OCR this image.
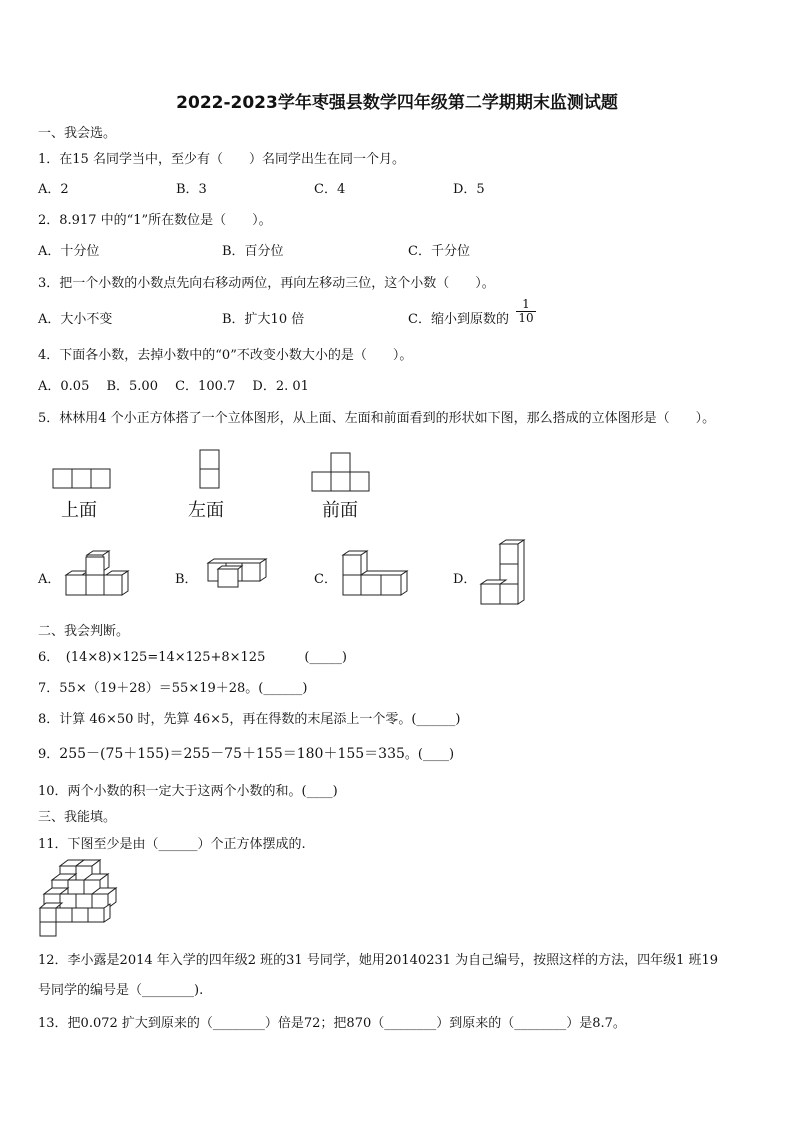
2022-2023学年枣强县数学四年级第二学期期末监测试题
一、我会选。
1．在15 名同学当中，至少有（　　）名同学出生在同一个月。
A．2	B．3	C．4	D．5
2．8.917 中的“1”所在数位是（　　）。
A．十分位	B．百分位	C．千分位
3．把一个小数的小数点先向右移动两位，再向左移动三位，这个小数（　　）。
A．大小不变	B．扩大10 倍	C．缩小到原数的 $\frac{1}{10}$
4．下面各小数，去掉小数中的“0”不改变小数大小的是（　　）。
A．0.05　 B．5.00　 C．100.7　 D．2. 01
5．林林用4 个小正方体搭了一个立体图形，从上面、左面和前面看到的形状如下图，那么搭成的立体图形是（　　）。
上面	左面	前面
A．	B．	C．	D．
二、我会判断。
6．　(14×8)×125=14×125+8×125　　　(_____)
7．55×（19＋28）＝55×19＋28。(______)
8．计算 46×50 时，先算 46×5，再在得数的末尾添上一个零。(______)
9．255－(75＋155)＝255－75＋155＝180＋155＝335。(____)
10．两个小数的积一定大于这两个小数的和。(____)
三、我能填。
11．下图至少是由（______）个正方体摆成的.
12．李小露是2014 年入学的四年级2 班的31 号同学，她用20140231 为自己编号，按照这样的方法，四年级1 班19
号同学的编号是（________).
13．把0.072 扩大到原来的（________）倍是72；把870（________）到原来的（________）是8.7。
